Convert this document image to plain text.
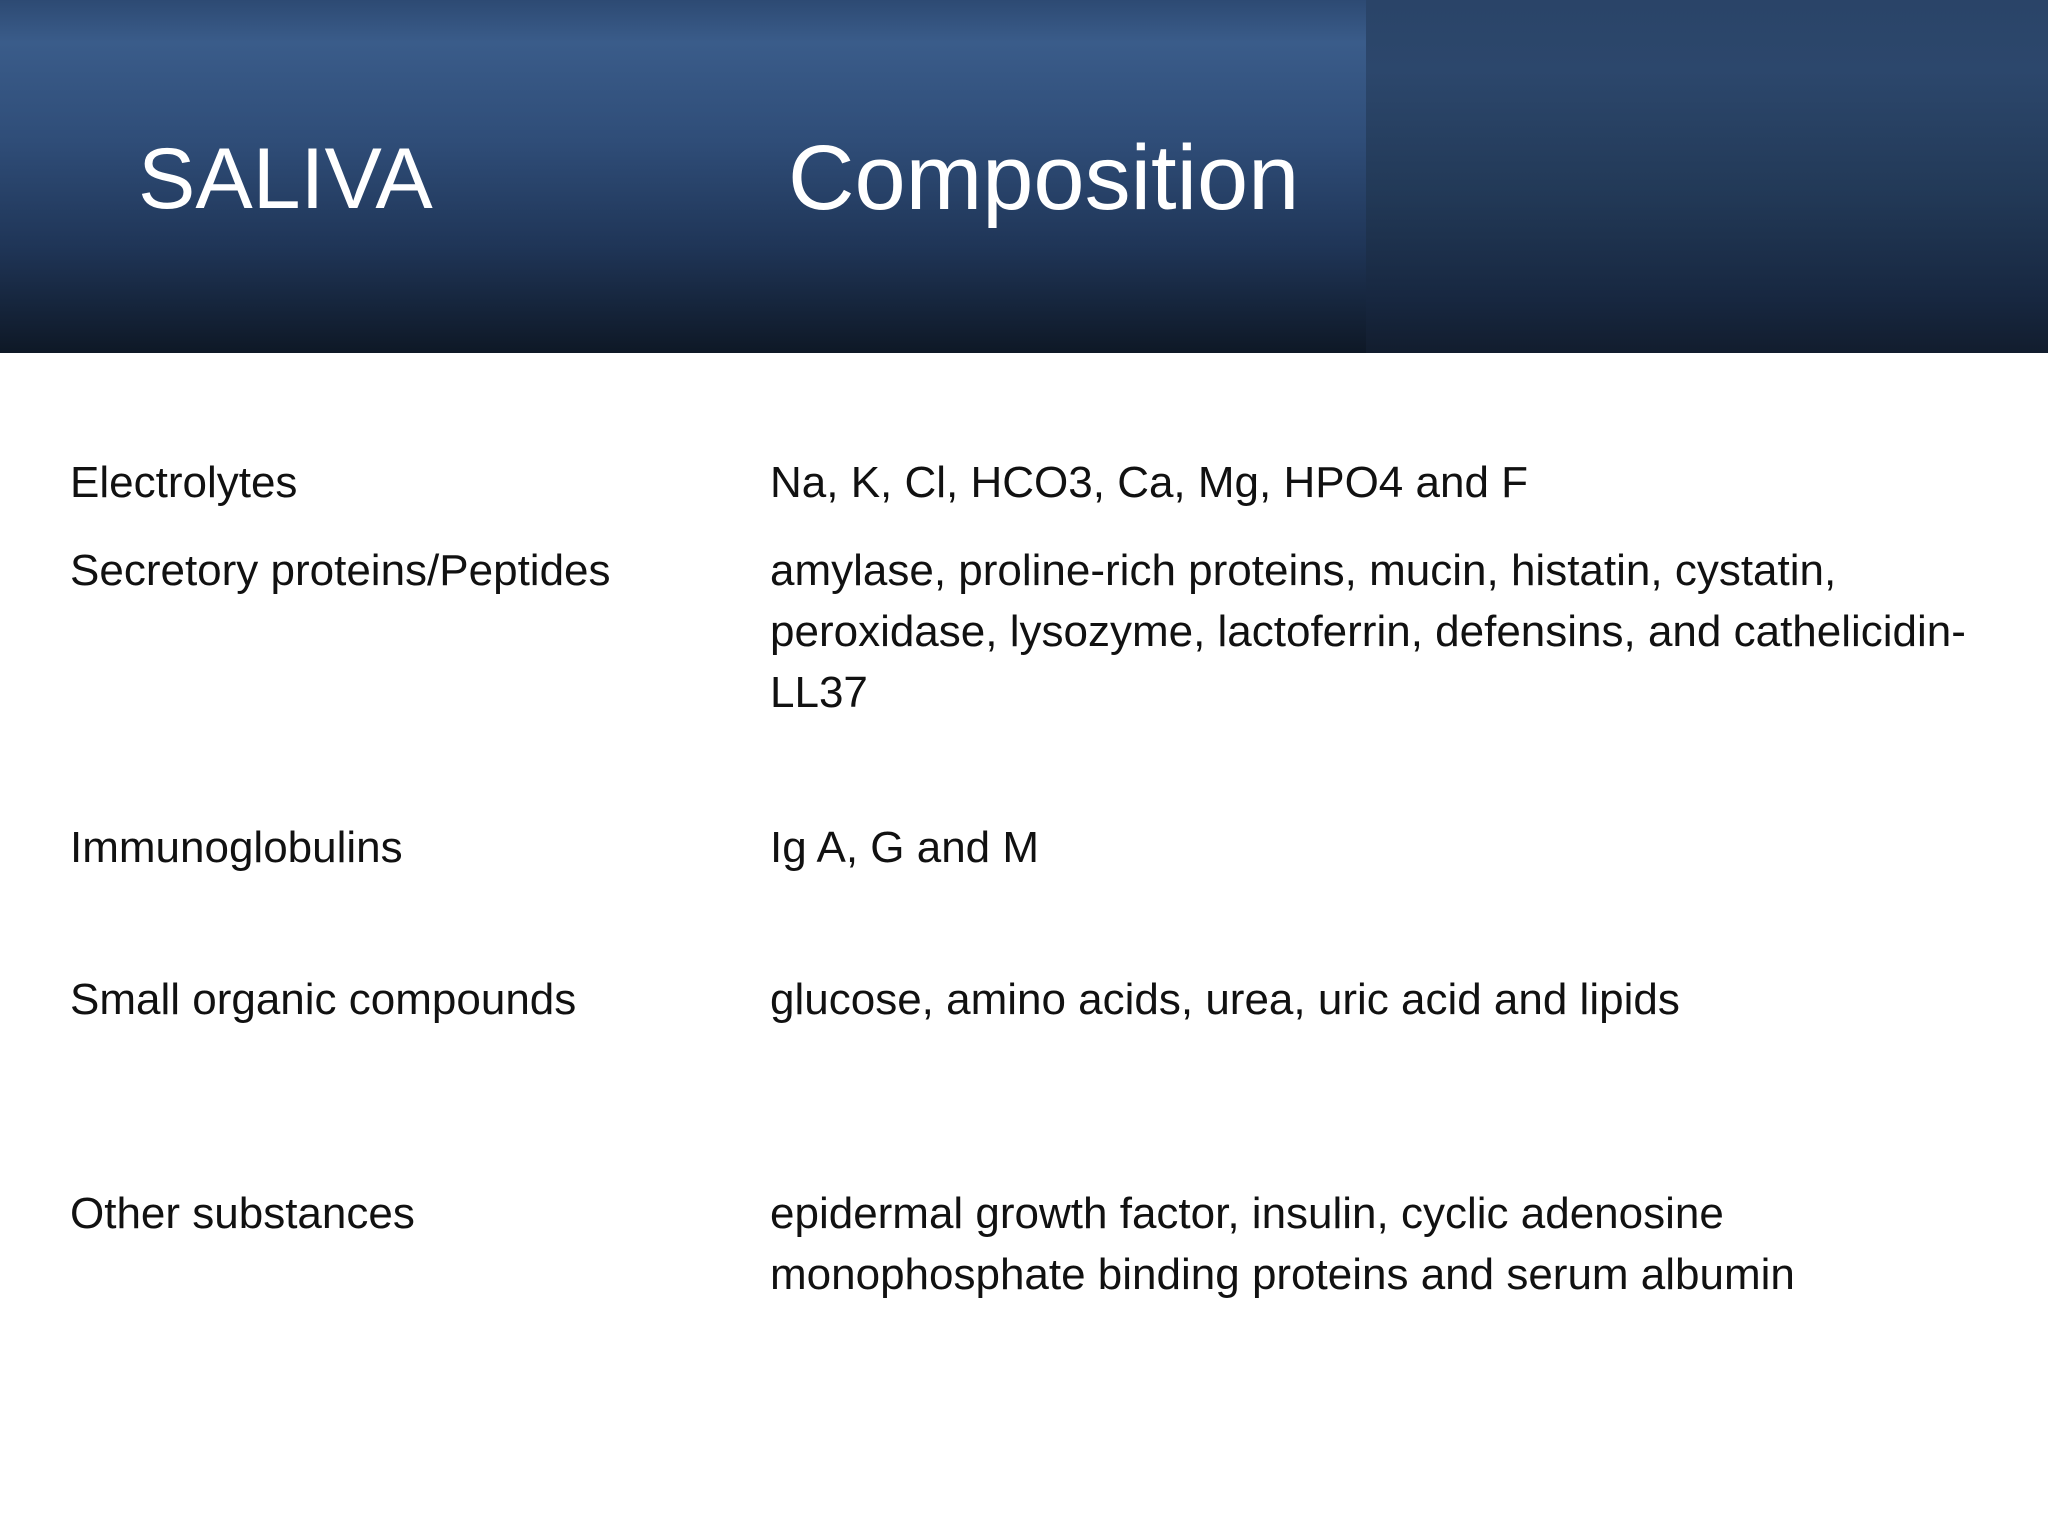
SALIVA	Composition
Electrolytes	Na, K, Cl, HCO3, Ca, Mg, HPO4 and F
Secretory proteins/Peptides	amylase, proline-rich proteins, mucin, histatin, cystatin, peroxidase, lysozyme, lactoferrin, defensins, and cathelicidin-LL37
Immunoglobulins	Ig A, G and M
Small organic compounds	glucose, amino acids, urea, uric acid and lipids
Other substances	epidermal growth factor, insulin, cyclic adenosine monophosphate binding proteins and serum albumin
